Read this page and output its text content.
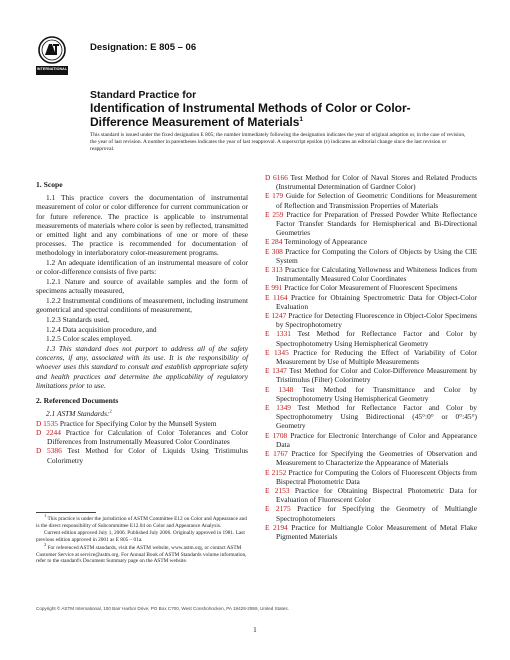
INTERNATIONAL
Designation: E 805 – 06
Standard Practice for
Identification of Instrumental Methods of Color or Color-
Difference Measurement of Materials$^1$
This standard is issued under the fixed designation E 805; the number immediately following the designation indicates the year of original adoption or, in the case of revision, the year of last revision. A number in parentheses indicates the year of last reapproval. A superscript epsilon (ε) indicates an editorial change since the last revision or reapproval.
1. Scope
1.1 This practice covers the documentation of instrumental measurement of color or color difference for current communication or for future reference. The practice is applicable to instrumental measurements of materials where color is seen by reflected, transmitted or emitted light and any combinations of one or more of these processes. The practice is recommended for documentation of methodology in interlaboratory color-measurement programs.
1.2 An adequate identification of an instrumental measure of color or color-difference consists of five parts:
1.2.1 Nature and source of available samples and the form of specimens actually measured,
1.2.2 Instrumental conditions of measurement, including instrument geometrical and spectral conditions of measurement,
1.2.3 Standards used,
1.2.4 Data acquisition procedure, and
1.2.5 Color scales employed.
1.3 This standard does not purport to address all of the safety concerns, if any, associated with its use. It is the responsibility of whoever uses this standard to consult and establish appropriate safety and health practices and determine the applicability of regulatory limitations prior to use.
2. Referenced Documents
2.1 ASTM Standards:$^2$
D 1535 Practice for Specifying Color by the Munsell System
D 2244 Practice for Calculation of Color Tolerances and Color Differences from Instrumentally Measured Color Coordinates
D 5386 Test Method for Color of Liquids Using Tristimulus Colorimetry
D 6166 Test Method for Color of Naval Stores and Related Products (Instrumental Determination of Gardner Color)
E 179 Guide for Selection of Geometric Conditions for Measurement of Reflection and Transmission Properties of Materials
E 259 Practice for Preparation of Pressed Powder White Reflectance Factor Transfer Standards for Hemispherical and Bi-Directional Geometries
E 284 Terminology of Appearance
E 308 Practice for Computing the Colors of Objects by Using the CIE System
E 313 Practice for Calculating Yellowness and Whiteness Indices from Instrumentally Measured Color Coordinates
E 991 Practice for Color Measurement of Fluorescent Specimens
E 1164 Practice for Obtaining Spectrometric Data for Object-Color Evaluation
E 1247 Practice for Detecting Fluorescence in Object-Color Specimens by Spectrophotometry
E 1331 Test Method for Reflectance Factor and Color by Spectrophotometry Using Hemispherical Geometry
E 1345 Practice for Reducing the Effect of Variability of Color Measurement by Use of Multiple Measurements
E 1347 Test Method for Color and Color-Difference Measurement by Tristimulus (Filter) Colorimetry
E 1348 Test Method for Transmittance and Color by Spectrophotometry Using Hemispherical Geometry
E 1349 Test Method for Reflectance Factor and Color by Spectrophotometry Using Bidirectional (45°:0° or 0°:45°) Geometry
E 1708 Practice for Electronic Interchange of Color and Appearance Data
E 1767 Practice for Specifying the Geometries of Observation and Measurement to Characterize the Appearance of Materials
E 2152 Practice for Computing the Colors of Fluorescent Objects from Bispectral Photometric Data
E 2153 Practice for Obtaining Bispectral Photometric Data for Evaluation of Fluorescent Color
E 2175 Practice for Specifying the Geometry of Multiangle Spectrophotometers
E 2194 Practice for Multiangle Color Measurement of Metal Flake Pigmented Materials

$^1$ This practice is under the jurisdiction of ASTM Committee E12 on Color and Appearance and is the direct responsibility of Subcommittee E12.04 on Color and Appearance Analysis.

Current edition approved July 1, 2006. Published July 2006. Originally approved in 1981. Last previous edition approved in 2001 as E 805 – 01a.

$^2$ For referenced ASTM standards, visit the ASTM website, www.astm.org, or contact ASTM Customer Service at service@astm.org. For Annual Book of ASTM Standards volume information, refer to the standard's Document Summary page on the ASTM website.

Copyright © ASTM International, 100 Barr Harbor Drive, PO Box C700, West Conshohocken, PA 19428-2959, United States.
1
